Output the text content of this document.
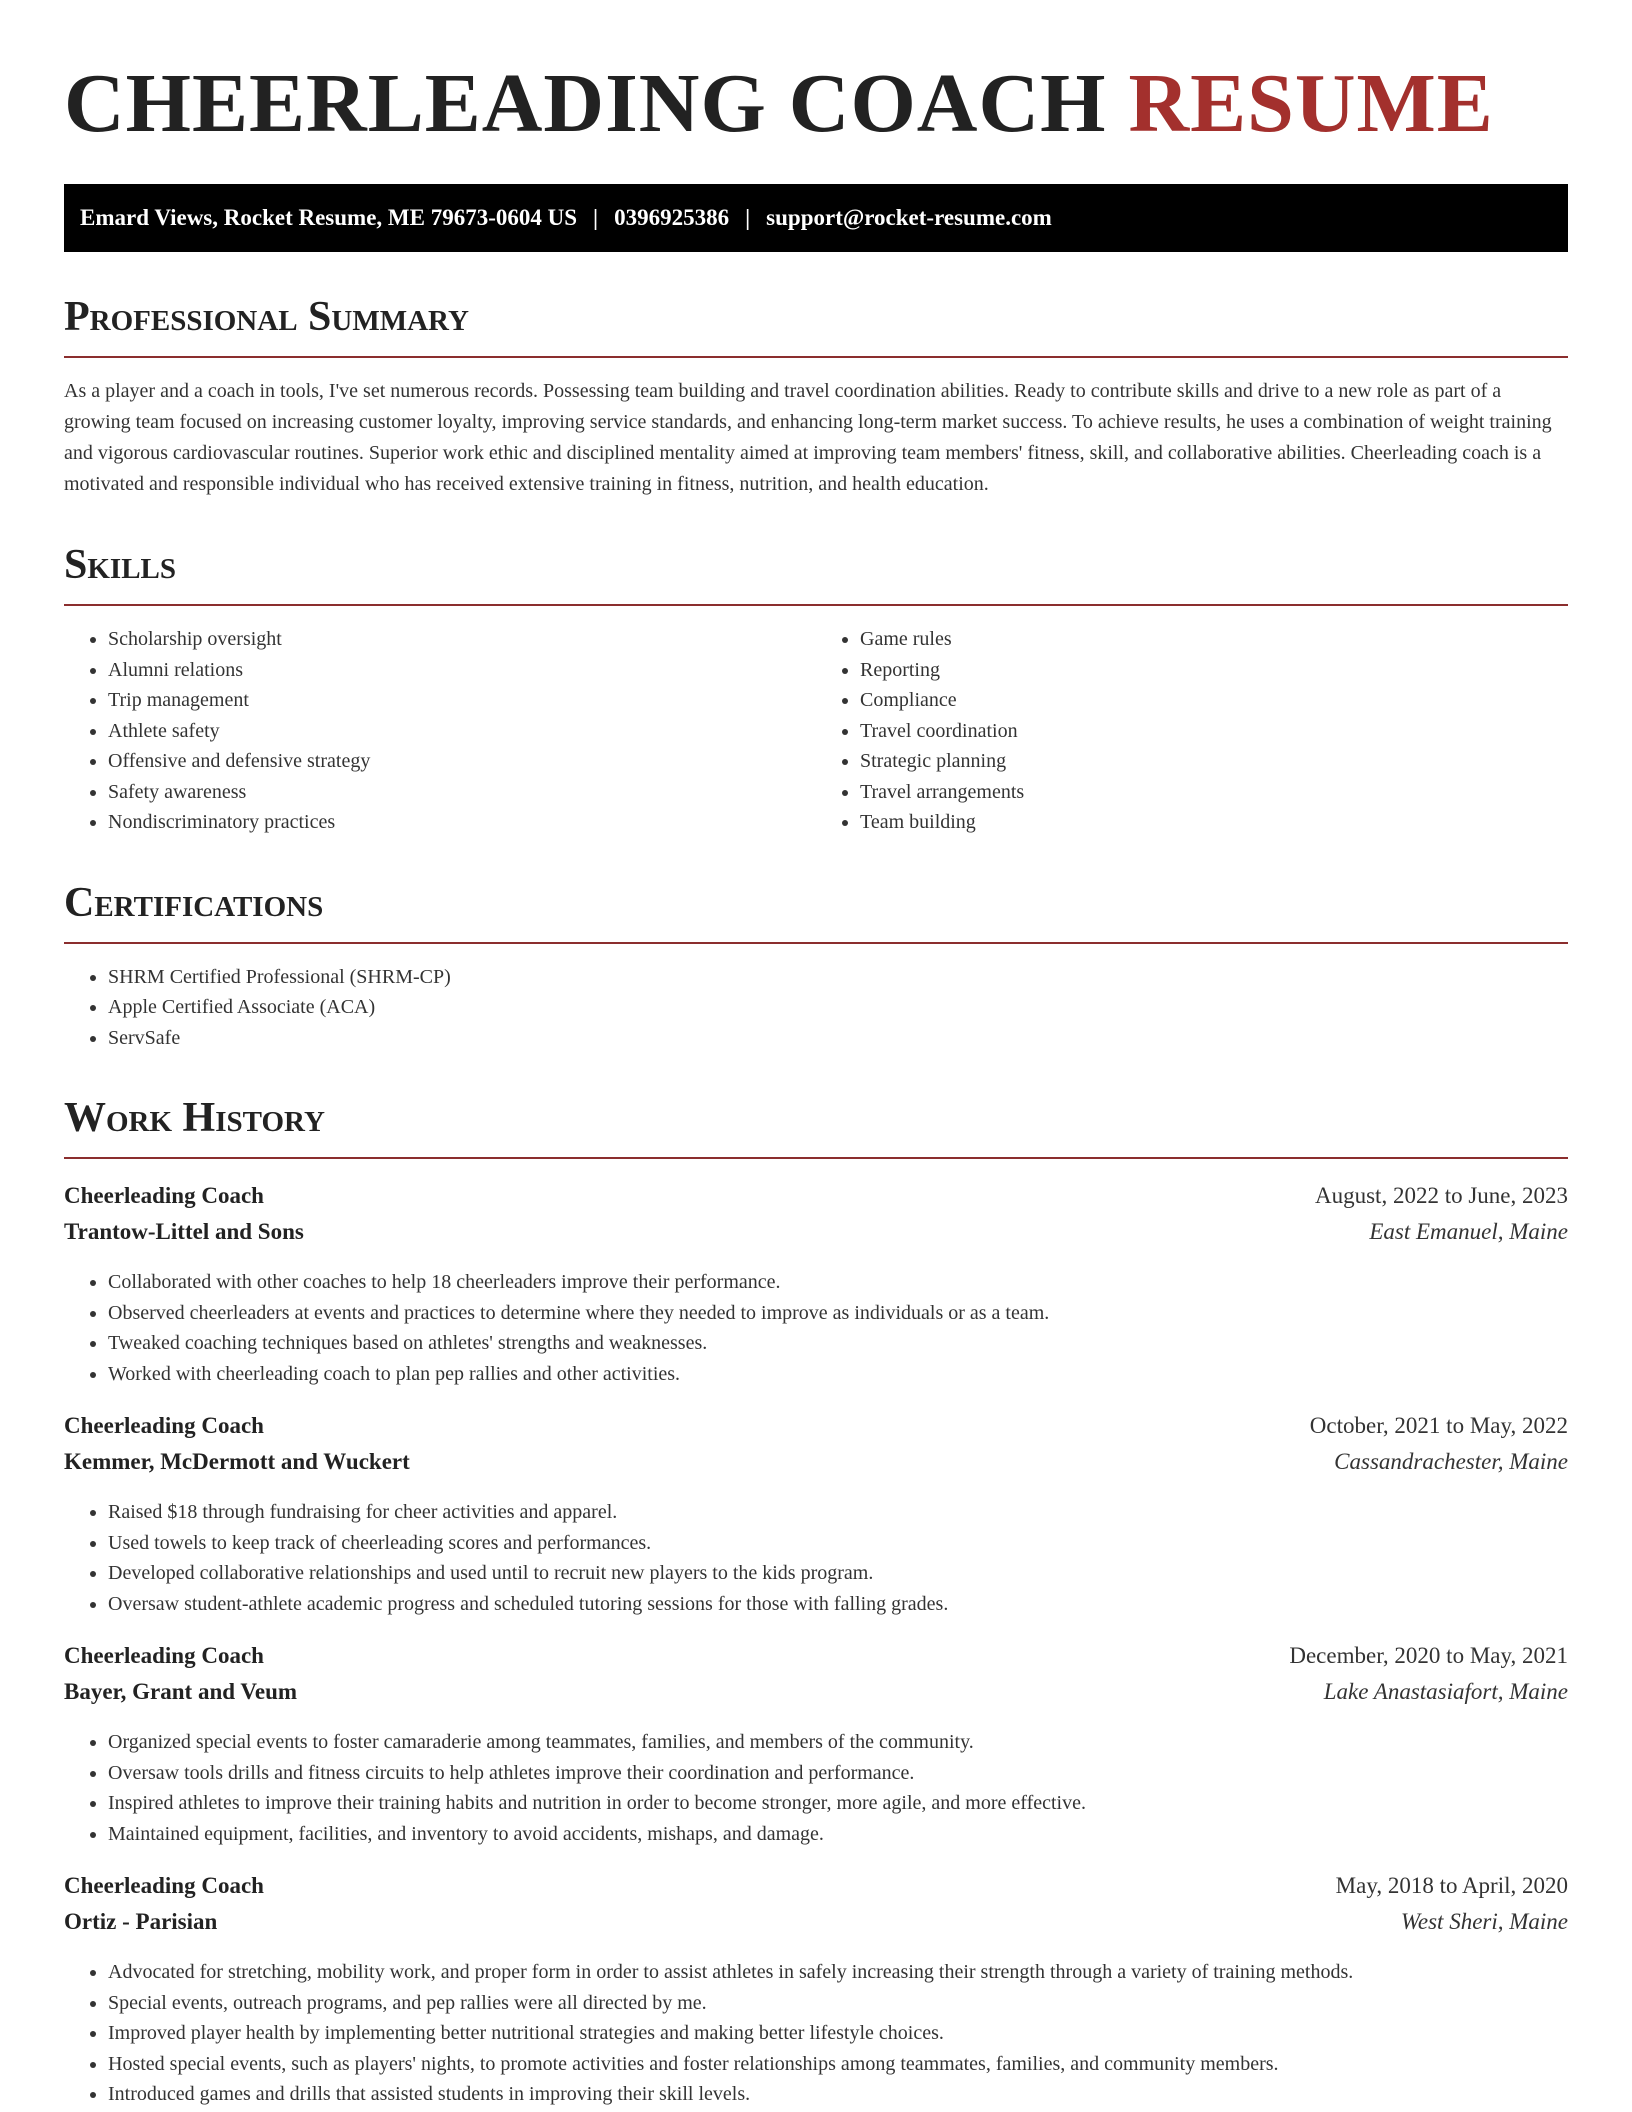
CHEERLEADING COACH RESUME
Emard Views, Rocket Resume, ME 79673-0604 US | 0396925386 | support@rocket-resume.com
Professional Summary

As a player and a coach in tools, I've set numerous records. Possessing team building and travel coordination abilities. Ready to contribute skills and drive to a new role as part of a growing team focused on increasing customer loyalty, improving service standards, and enhancing long-term market success. To achieve results, he uses a combination of weight training and vigorous cardiovascular routines. Superior work ethic and disciplined mentality aimed at improving team members' fitness, skill, and collaborative abilities. Cheerleading coach is a motivated and responsible individual who has received extensive training in fitness, nutrition, and health education.

Skills
• Scholarship oversight
• Alumni relations
• Trip management
• Athlete safety
• Offensive and defensive strategy
• Safety awareness
• Nondiscriminatory practices
• Game rules
• Reporting
• Compliance
• Travel coordination
• Strategic planning
• Travel arrangements
• Team building
Certifications
• SHRM Certified Professional (SHRM-CP)
• Apple Certified Associate (ACA)
• ServSafe
Work History
Cheerleading Coach	August, 2022 to June, 2023
Trantow-Littel and Sons	East Emanuel, Maine
• Collaborated with other coaches to help 18 cheerleaders improve their performance.
• Observed cheerleaders at events and practices to determine where they needed to improve as individuals or as a team.
• Tweaked coaching techniques based on athletes' strengths and weaknesses.
• Worked with cheerleading coach to plan pep rallies and other activities.
Cheerleading Coach	October, 2021 to May, 2022
Kemmer, McDermott and Wuckert	Cassandrachester, Maine
• Raised $18 through fundraising for cheer activities and apparel.
• Used towels to keep track of cheerleading scores and performances.
• Developed collaborative relationships and used until to recruit new players to the kids program.
• Oversaw student-athlete academic progress and scheduled tutoring sessions for those with falling grades.
Cheerleading Coach	December, 2020 to May, 2021
Bayer, Grant and Veum	Lake Anastasiafort, Maine
• Organized special events to foster camaraderie among teammates, families, and members of the community.
• Oversaw tools drills and fitness circuits to help athletes improve their coordination and performance.
• Inspired athletes to improve their training habits and nutrition in order to become stronger, more agile, and more effective.
• Maintained equipment, facilities, and inventory to avoid accidents, mishaps, and damage.
Cheerleading Coach	May, 2018 to April, 2020
Ortiz - Parisian	West Sheri, Maine
• Advocated for stretching, mobility work, and proper form in order to assist athletes in safely increasing their strength through a variety of training methods.
• Special events, outreach programs, and pep rallies were all directed by me.
• Improved player health by implementing better nutritional strategies and making better lifestyle choices.
• Hosted special events, such as players' nights, to promote activities and foster relationships among teammates, families, and community members.
• Introduced games and drills that assisted students in improving their skill levels.
